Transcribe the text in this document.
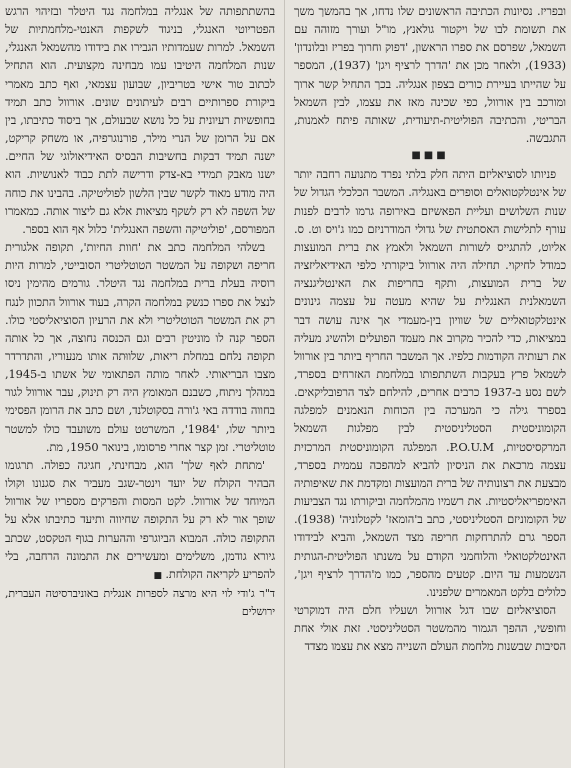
ובפריז. נסיונות הכתיבה הראשונים שלו נדחו, אך בהמשך משך את תשומת לבו של ויקטור גולאנץ, מו"ל ועורך מזוהה עם השמאל, שפרסם את ספרו הראשון, 'דפוק וחרוך בפריז ובלונדון' (1933), ולאחר מכן את 'הדרך לרציף ויגן' (1937), המספר על שהייתו בעיירת כורים בצפון אנגליה. בכך התחיל קשר ארוך ומורכב בין אורוול, כפי שכינה מאז את עצמו, לבין השמאל הבריטי, והכתיבה הפוליטית-תיעודית, שאותה פיתח לאמנות, התגבשה.

■■■

פניותו לסוציאליזם היתה חלק בלתי נפרד מתנועה רחבה יותר של אינטלקטואלים וסופרים באנגליה. המשבר הכלכלי הגדול של שנות השלושים ועליית הפאשיזם באירופה גרמו לרבים לפנות עורף לתלישות האסתטית של גדולי המודרניזם כמו ג'ויס וט. ס. אליוט, להתגייס לשורות השמאל ולאמץ את ברית המועצות כמודל לחיקוי. תחילה היה אורוול ביקורתי כלפי האידיאליזציה של ברית המועצות, ותקף בחריפות את האינטליגנציה השמאלנית האנגלית על שהיא מעטה על עצמה גינונים אינטלקטואליים של שוויון בין-מעמדי אך אינה עושה דבר במציאות, כדי להכיר מקרוב את מעמד הפועלים ולהשיג מעליה את רעותיה הקודמות כלפיו. אך המשבר החריף ביותר בין אורוול לשמאל פרץ בעקבות השתתפותו במלחמת האזרחים בספרד, לשם נסע ב-1937 כרבים אחרים, להילחם לצד הרפובליקאים. בספרד גילה כי המערכה בין הכוחות הנאמנים למפלגה הקומוניסטית הסטליניסטית לבין מפלגות השמאל המרקסיסטיות, P.O.U.M. המפלגה הקומוניסטית המרכזית עצמה מרכאת את הניסיון להביא למהפכה עממית בספרד, מבצעת את רצונותיה של ברית המועצות ומקדמת את שאיפותיה האימפריאליסטיות. את רשמיו מהמלחמה וביקורתו נגד הצביעות של הקומוניזם הסטליניסטי, כתב ב'הומאז' לקטלוניה' (1938). הספר גרם להתרחקות חריפה מצד השמאל, והביא לבידודו האינטלקטואלי והלוחמני הקודם על משנתו הפוליטית-הגותית הנשמעות עד היום. קטעים מהספר, כמו מ'הדרך לרציף ויגן', כלולים בלקט המאמרים שלפנינו.

הסוציאליזם שבו דגל אורוול ושעליו חלם היה דמוקרטי וחופשי, ההפך הגמור מהמשטר הסטליניסטי. זאת אולי אחת הסיבות שבשנות מלחמת העולם השנייה מצא את עצמו מצדד

בהשתתפותה של אנגליה במלחמה נגד היטלר ובזיהוי הרגש הפטריוטי האנגלי, בניגוד לשקפות האנטי-מלחמתיות של השמאל. למרות שעמדותיו הגבירו את בידודו מהשמאל האנגלי, שנות המלחמה היטיבו עמו מבחינה מקצועית. הוא התחיל לכתוב טור אישי בטריביון, שבועון עצמאי, ואף כתב מאמרי ביקורת ספרותיים רבים לעיתונים שונים. אורוול כתב תמיד בחופשיות רעיונית על כל נושא שבעולם, אך ביסוד כתיבתו, בין אם על הרומן של הנרי מילר, פורנוגרפיה, או משחק קריקט, ישנה תמיד דבקות בחשיבות הבסיס האידיאולוגי של החיים. ישנו מאבק תמידי בא-צדק ודרישה לתת כבוד לאנושיות. הוא היה מודע מאוד לקשר שבין הלשון לפוליטיקה. בהבינו את כוחה של השפה לא רק לשקף מציאות אלא גם ליצור אותה. כמאמרו המפורסם, 'פוליטיקה והשפה האנגלית' כלול אף הוא בספר.

בשלהי המלחמה כתב את 'חוות החיות', תקופה אלגורית חריפה ושקופה על המשטר הטוטליטרי הסובייטי, למרות היות רוסיה בעלת ברית במלחמה נגד היטלר. גורמים מהימין ניסו לנצל את ספרו כנשק במלחמה הקרה, בעוד אורוול התכוון לנגח רק את המשטר הטוטליטרי ולא את הרעיון הסוציאליסטי כולו. הספר קנה לו מוניטין רבים וגם הכנסה נחוצה, אך כל אותה תקופה נלחם במחלת ריאות, שלווּתה אותו מנעוריו, והתדרדר מצבו הבריאותי. לאחר מותה הפתאומי של אשתו ב-1945, במהלך ניתוח, כשבנם המאומץ היה רק תינוק, עבר אורוול לגור בחווה בודדה באי ג'ורה בסקוטלנד, ושם כתב את הרומן הפסימי ביותר שלו, '1984', המשרטט עולם משועבד כולו למשטר טוטליטרי. זמן קצר אחרי פרסומו, בינואר 1950, מת.

'מתחת לאף שלך' הוא, מבחינתי, חגיגה כפולה. תרגומו הבהיר הקולח של יועד וינטר-שגב מעביר את סגנונו וקולו המיוחד של אורוול. לקט המסות והפרקים מספריו של אורוול שופך אור לא רק על התקופה שחיווה ותיעד כתיבתו אלא על התקופה כולה. המבוא הביוגרפי וההערות בגוף הטקסט, שכתב גיורא גודמן, משלימים ומעשירים את התמונה הרחבה, בלי להפריע לקריאה הקולחת. ■

ד"ר ג'ודי לוי היא מרצה לספרות אנגלית באוניברסיטה העברית, ירושלים
